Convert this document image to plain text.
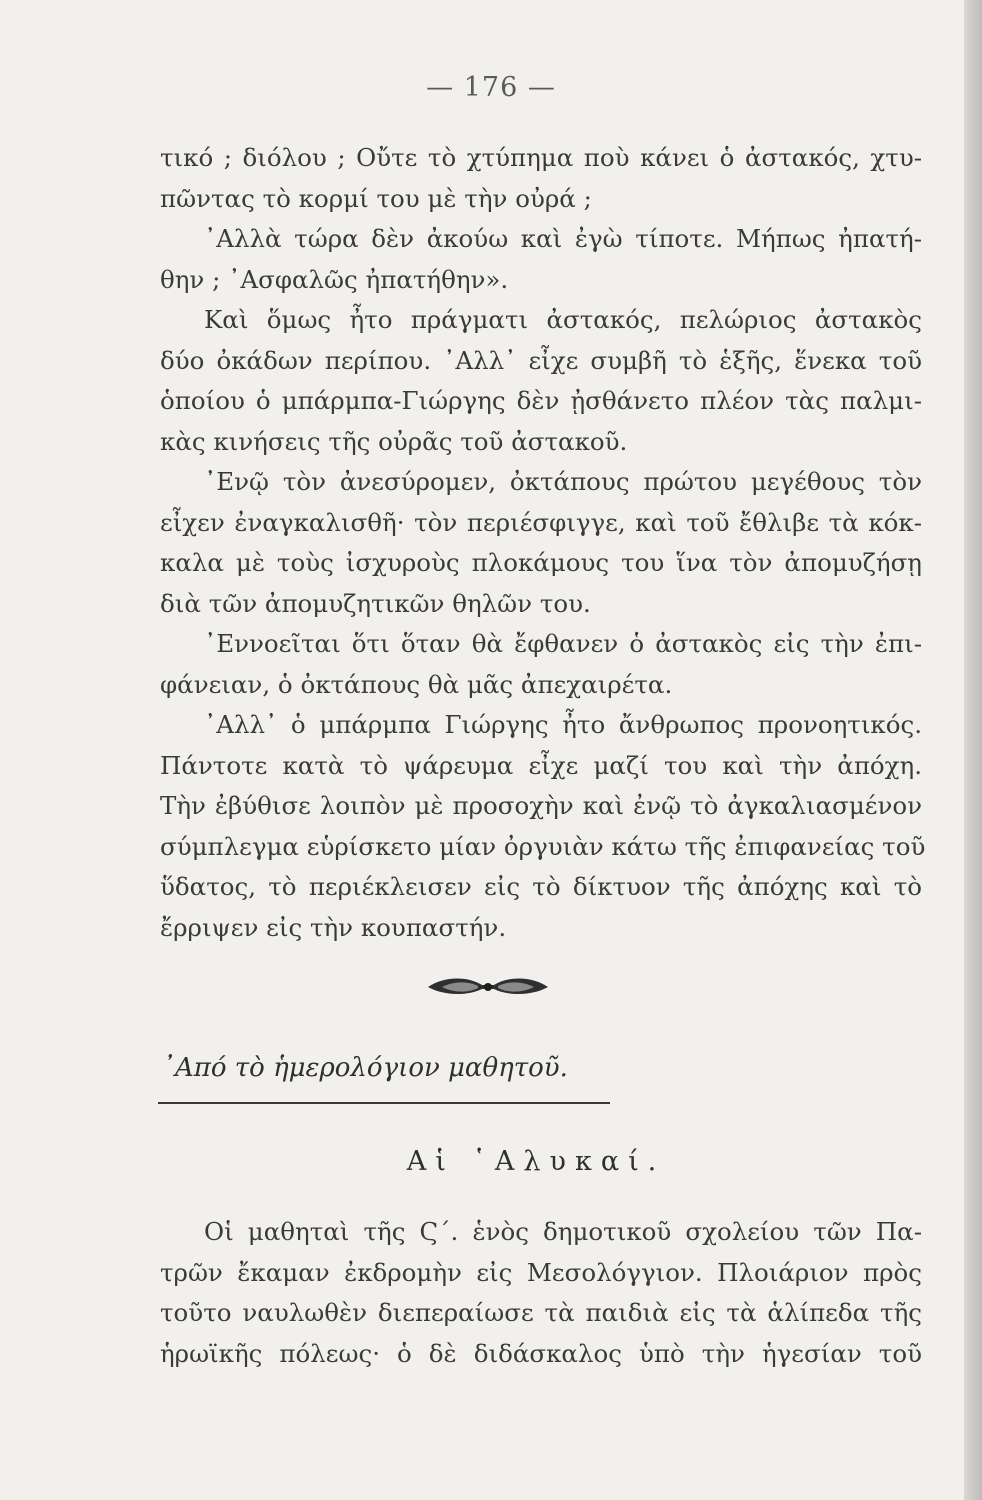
— 176 —
τικό ; διόλου ; Οὔτε τὸ χτύπημα ποὺ κάνει ὁ ἀστακός, χτυ-
πῶντας τὸ κορμί του μὲ τὴν οὐρά ;
᾿Αλλὰ τώρα δὲν ἀκούω καὶ ἐγὼ τίποτε. Μήπως ἠπατή-
θην ; ᾿Ασφαλῶς ἠπατήθην».
Καὶ ὅμως ἦτο πράγματι ἀστακός, πελώριος ἀστακὸς
δύο ὀκάδων περίπου. ᾿Αλλ᾽ εἶχε συμβῆ τὸ ἑξῆς, ἕνεκα τοῦ
ὁποίου ὁ μπάρμπα-Γιώργης δὲν ᾐσθάνετο πλέον τὰς παλμι-
κὰς κινήσεις τῆς οὐρᾶς τοῦ ἀστακοῦ.
᾿Ενῷ τὸν ἀνεσύρομεν, ὀκτάπους πρώτου μεγέθους τὸν
εἶχεν ἐναγκαλισθῆ· τὸν περιέσφιγγε, καὶ τοῦ ἔθλιβε τὰ κόκ-
καλα μὲ τοὺς ἰσχυροὺς πλοκάμους του ἵνα τὸν ἀπομυζήσῃ
διὰ τῶν ἀπομυζητικῶν θηλῶν του.
᾿Εννοεῖται ὅτι ὅταν θὰ ἔφθανεν ὁ ἀστακὸς εἰς τὴν ἐπι-
φάνειαν, ὁ ὀκτάπους θὰ μᾶς ἀπεχαιρέτα.
᾿Αλλ᾽ ὁ μπάρμπα Γιώργης ἦτο ἄνθρωπος προνοητικός.
Πάντοτε κατὰ τὸ ψάρευμα εἶχε μαζί του καὶ τὴν ἀπόχη.
Τὴν ἐβύθισε λοιπὸν μὲ προσοχὴν καὶ ἐνῷ τὸ ἀγκαλιασμένον
σύμπλεγμα εὑρίσκετο μίαν ὀργυιὰν κάτω τῆς ἐπιφανείας τοῦ
ὕδατος, τὸ περιέκλεισεν εἰς τὸ δίκτυον τῆς ἀπόχης καὶ τὸ
ἔρριψεν εἰς τὴν κουπαστήν.
᾿Από τὸ ἡμερολόγιον μαθητοῦ.
Αἱ ῾Αλυκαί.
Οἱ μαθηταὶ τῆς Ϛ΄. ἑνὸς δημοτικοῦ σχολείου τῶν Πα-
τρῶν ἔκαμαν ἐκδρομὴν εἰς Μεσολόγγιον. Πλοιάριον πρὸς
τοῦτο ναυλωθὲν διεπεραίωσε τὰ παιδιὰ εἰς τὰ ἁλίπεδα τῆς
ἡρωϊκῆς πόλεως· ὁ δὲ διδάσκαλος ὑπὸ τὴν ἡγεσίαν τοῦ
